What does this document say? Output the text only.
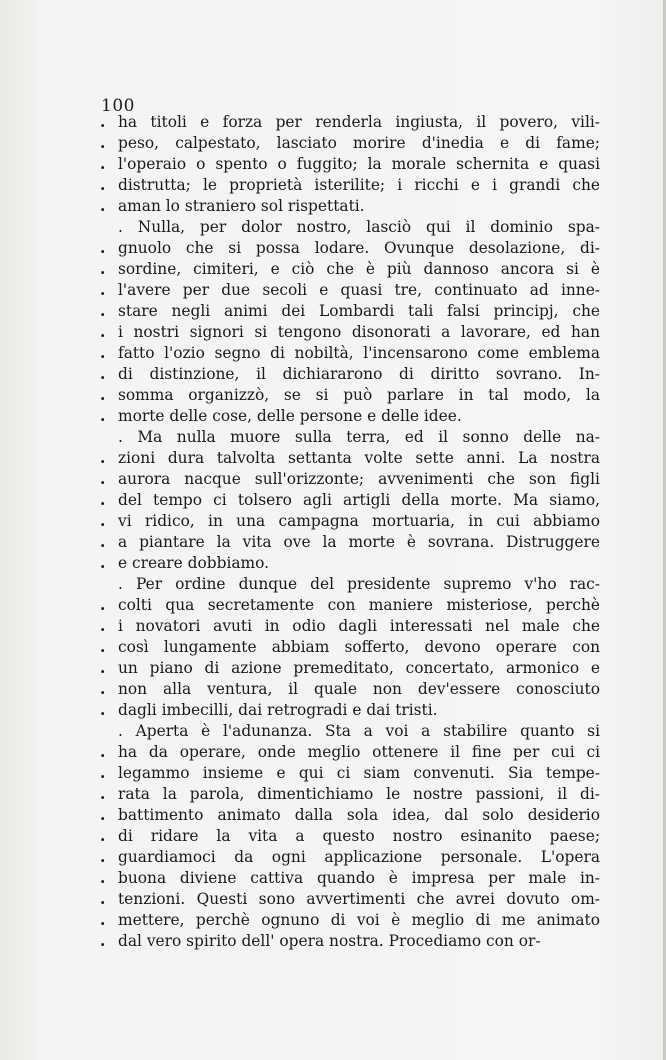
100
. ha titoli e forza per renderla ingiusta, il povero, vili-
. peso, calpestato, lasciato morire d'inedia e di fame;
. l'operaio o spento o fuggito; la morale schernita e quasi
. distrutta; le proprietà isterilite; i ricchi e i grandi che
. aman lo straniero sol rispettati.
. Nulla, per dolor nostro, lasciò qui il dominio spa-
. gnuolo che si possa lodare. Ovunque desolazione, di-
. sordine, cimiteri, e ciò che è più dannoso ancora si è
. l'avere per due secoli e quasi tre, continuato ad inne-
. stare negli animi dei Lombardi tali falsi principj, che
. i nostri signori si tengono disonorati a lavorare, ed han
. fatto l'ozio segno di nobiltà, l'incensarono come emblema
. di distinzione, il dichiararono di diritto sovrano. In-
. somma organizzò, se si può parlare in tal modo, la
. morte delle cose, delle persone e delle idee.
. Ma nulla muore sulla terra, ed il sonno delle na-
. zioni dura talvolta settanta volte sette anni. La nostra
. aurora nacque sull'orizzonte; avvenimenti che son figli
. del tempo ci tolsero agli artigli della morte. Ma siamo,
. vi ridico, in una campagna mortuaria, in cui abbiamo
. a piantare la vita ove la morte è sovrana. Distruggere
. e creare dobbiamo.
. Per ordine dunque del presidente supremo v'ho rac-
. colti qua secretamente con maniere misteriose, perchè
. i novatori avuti in odio dagli interessati nel male che
. così lungamente abbiam sofferto, devono operare con
. un piano di azione premeditato, concertato, armonico e
. non alla ventura, il quale non dev'essere conosciuto
. dagli imbecilli, dai retrogradi e dai tristi.
. Aperta è l'adunanza. Sta a voi a stabilire quanto si
. ha da operare, onde meglio ottenere il fine per cui ci
. legammo insieme e qui ci siam convenuti. Sia tempe-
. rata la parola, dimentichiamo le nostre passioni, il di-
. battimento animato dalla sola idea, dal solo desiderio
. di ridare la vita a questo nostro esinanito paese;
. guardiamoci da ogni applicazione personale. L'opera
. buona diviene cattiva quando è impresa per male in-
. tenzioni. Questi sono avvertimenti che avrei dovuto om-
. mettere, perchè ognuno di voi è meglio di me animato
. dal vero spirito dell' opera nostra. Procediamo con or-
